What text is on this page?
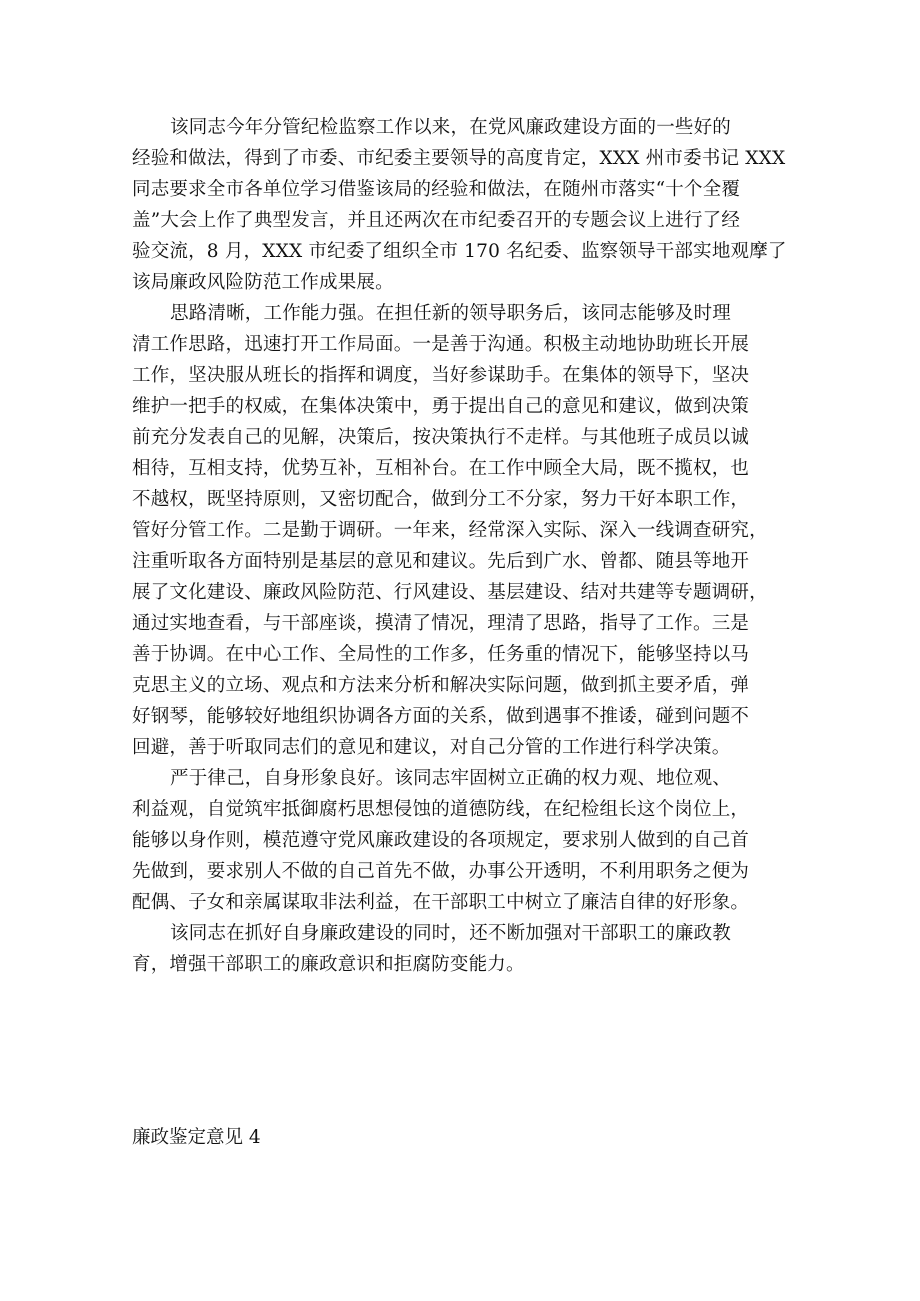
该同志今年分管纪检监察工作以来，在党风廉政建设方面的一些好的
经验和做法，得到了市委、市纪委主要领导的高度肯定，XXX 州市委书记 XXX
同志要求全市各单位学习借鉴该局的经验和做法，在随州市落实“十个全覆
盖”大会上作了典型发言，并且还两次在市纪委召开的专题会议上进行了经
验交流，8 月，XXX 市纪委了组织全市 170 名纪委、监察领导干部实地观摩了
该局廉政风险防范工作成果展。
思路清晰，工作能力强。在担任新的领导职务后，该同志能够及时理
清工作思路，迅速打开工作局面。一是善于沟通。积极主动地协助班长开展
工作，坚决服从班长的指挥和调度，当好参谋助手。在集体的领导下，坚决
维护一把手的权威，在集体决策中，勇于提出自己的意见和建议，做到决策
前充分发表自己的见解，决策后，按决策执行不走样。与其他班子成员以诚
相待，互相支持，优势互补，互相补台。在工作中顾全大局，既不揽权，也
不越权，既坚持原则，又密切配合，做到分工不分家，努力干好本职工作，
管好分管工作。二是勤于调研。一年来，经常深入实际、深入一线调查研究，
注重听取各方面特别是基层的意见和建议。先后到广水、曾都、随县等地开
展了文化建设、廉政风险防范、行风建设、基层建设、结对共建等专题调研，
通过实地查看，与干部座谈，摸清了情况，理清了思路，指导了工作。三是
善于协调。在中心工作、全局性的工作多，任务重的情况下，能够坚持以马
克思主义的立场、观点和方法来分析和解决实际问题，做到抓主要矛盾，弹
好钢琴，能够较好地组织协调各方面的关系，做到遇事不推诿，碰到问题不
回避，善于听取同志们的意见和建议，对自己分管的工作进行科学决策。
严于律己，自身形象良好。该同志牢固树立正确的权力观、地位观、
利益观，自觉筑牢抵御腐朽思想侵蚀的道德防线，在纪检组长这个岗位上，
能够以身作则，模范遵守党风廉政建设的各项规定，要求别人做到的自己首
先做到，要求别人不做的自己首先不做，办事公开透明，不利用职务之便为
配偶、子女和亲属谋取非法利益，在干部职工中树立了廉洁自律的好形象。
该同志在抓好自身廉政建设的同时，还不断加强对干部职工的廉政教
育，增强干部职工的廉政意识和拒腐防变能力。
廉政鉴定意见 4
